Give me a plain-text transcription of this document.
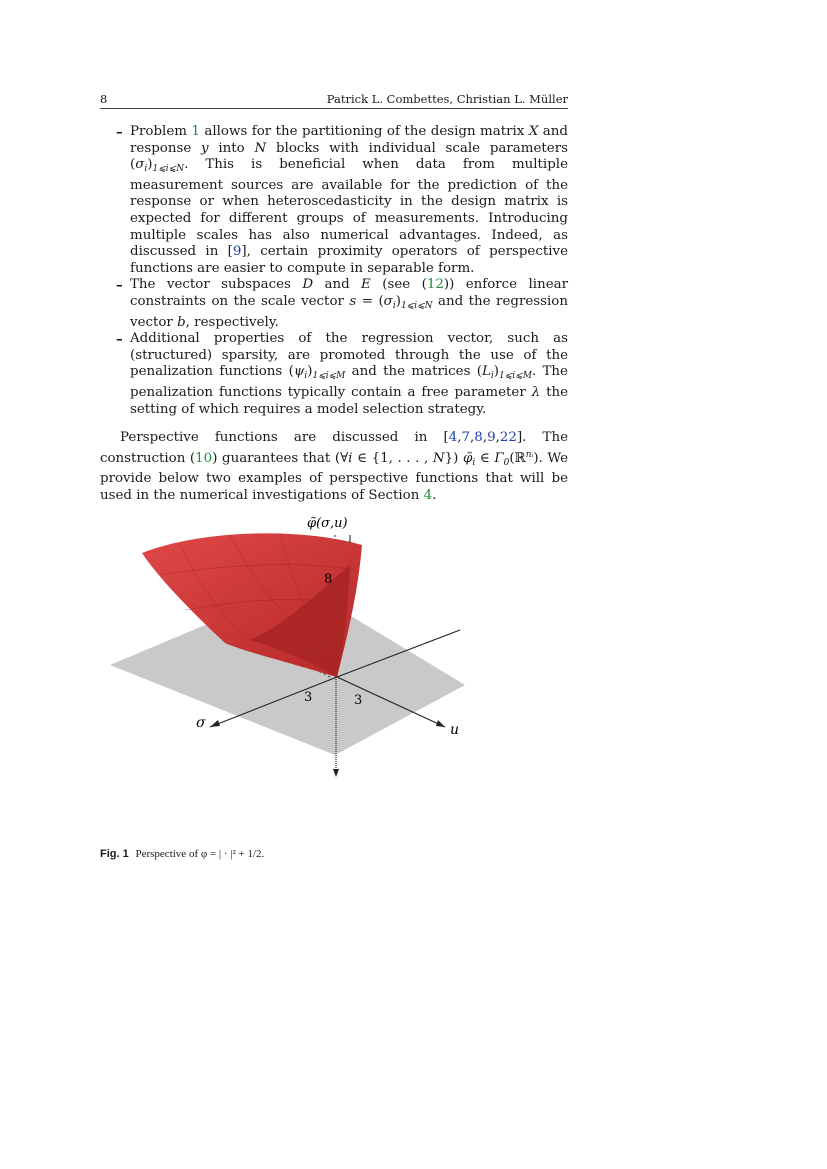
8	Patrick L. Combettes, Christian L. Müller
– Problem 1 allows for the partitioning of the design matrix X and response y into N blocks with individual scale parameters $(\sigma_i)_{1⩽i⩽N}$. This is beneficial when data from multiple measurement sources are available for the prediction of the response or when heteroscedasticity in the design matrix is expected for different groups of measurements. Introducing multiple scales has also numerical advantages. Indeed, as discussed in [9], certain proximity operators of perspective functions are easier to compute in separable form.
– The vector subspaces D and E (see (12)) enforce linear constraints on the scale vector $s = (\sigma_i)_{1⩽i⩽N}$ and the regression vector b, respectively.
– Additional properties of the regression vector, such as (structured) sparsity, are promoted through the use of the penalization functions $(\psi_i)_{1⩽i⩽M}$ and the matrices $(L_i)_{1⩽i⩽M}$. The penalization functions typically contain a free parameter λ the setting of which requires a model selection strategy.

Perspective functions are discussed in [4,7,8,9,22]. The construction (10) guarantees that (∀i ∈ {1, . . . , N}) $\varphĩ_i$ ∈ $\Gamma_0(ℝ^{nᵢ})$. We provide below two examples of perspective functions that will be used in the numerical investigations of Section 4.

φ̃(σ,u)
8
3	3
σ	u
Fig. 1 Perspective of φ = | · |² + 1/2.
